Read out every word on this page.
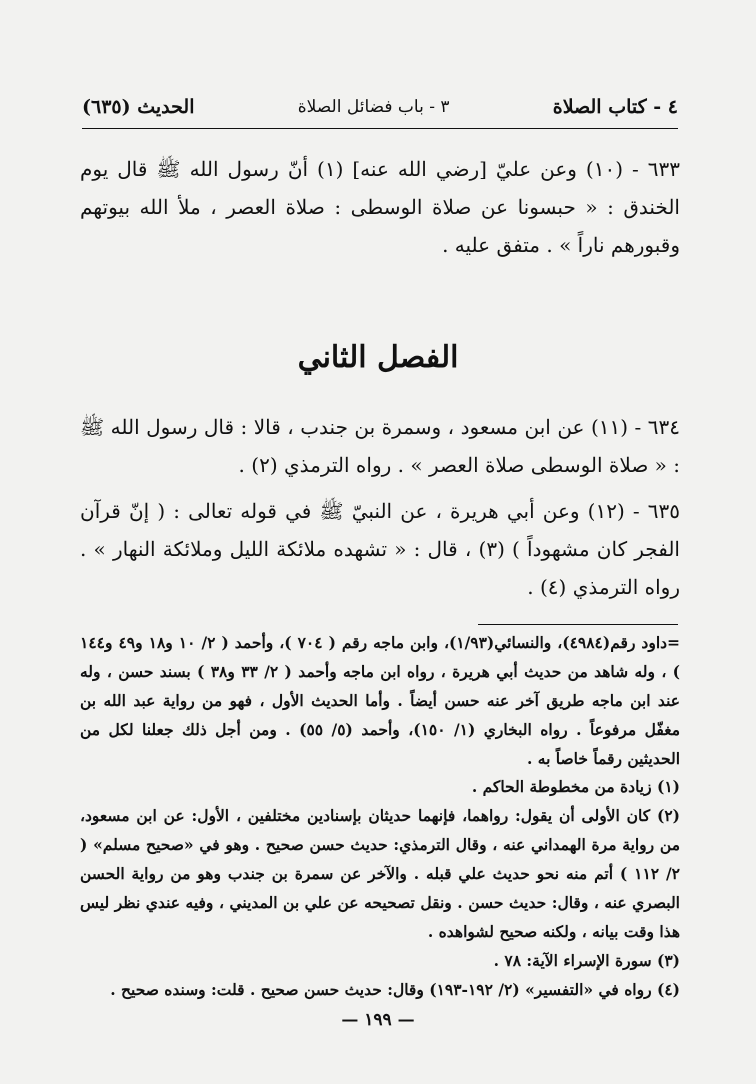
٤ - كتاب الصلاة
٣ - باب فضائل الصلاة
الحديث (٦٣٥)
٦٣٣ - (١٠) وعن عليّ [رضي الله عنه] (١) أنّ رسول الله ﷺ قال يوم الخندق : « حبسونا عن صلاة الوسطى : صلاة العصر ، ملأ الله بيوتهم وقبورهم ناراً » . متفق عليه .
الفصل الثاني
٦٣٤ - (١١) عن ابن مسعود ، وسمرة بن جندب ، قالا : قال رسول الله ﷺ : « صلاة الوسطى صلاة العصر » . رواه الترمذي (٢) .
٦٣٥ - (١٢) وعن أبي هريرة ، عن النبيّ ﷺ في قوله تعالى : ( إنّ قرآن الفجر كان مشهوداً ) (٣) ، قال : « تشهده ملائكة الليل وملائكة النهار » . رواه الترمذي (٤) .
=داود رقم(٤٩٨٤)، والنسائي(١/٩٣)، وابن ماجه رقم ( ٧٠٤ )، وأحمد ( ٢/ ١٠ و١٨ و٤٩ و١٤٤ ) ، وله شاهد من حديث أبي هريرة ، رواه ابن ماجه وأحمد ( ٢/ ٣٣ و٣٨ ) بسند حسن ، وله عند ابن ماجه طريق آخر عنه حسن أيضاً . وأما الحديث الأول ، فهو من رواية عبد الله بن مغفّل مرفوعاً . رواه البخاري (١/ ١٥٠)، وأحمد (٥/ ٥٥) . ومن أجل ذلك جعلنا لكل من الحديثين رقماً خاصاً به .
(١) زيادة من مخطوطة الحاكم .
(٢) كان الأولى أن يقول: رواهما، فإنهما حديثان بإسنادين مختلفين ، الأول: عن ابن مسعود، من رواية مرة الهمداني عنه ، وقال الترمذي: حديث حسن صحيح . وهو في «صحيح مسلم» ( ٢/ ١١٢ ) أتم منه نحو حديث علي قبله . والآخر عن سمرة بن جندب وهو من رواية الحسن البصري عنه ، وقال: حديث حسن . ونقل تصحيحه عن علي بن المديني ، وفيه عندي نظر ليس هذا وقت بيانه ، ولكنه صحيح لشواهده .
(٣) سورة الإسراء الآية: ٧٨ .
(٤) رواه في «التفسير» (٢/ ١٩٢-١٩٣) وقال: حديث حسن صحيح . قلت: وسنده صحيح .
— ١٩٩ —
